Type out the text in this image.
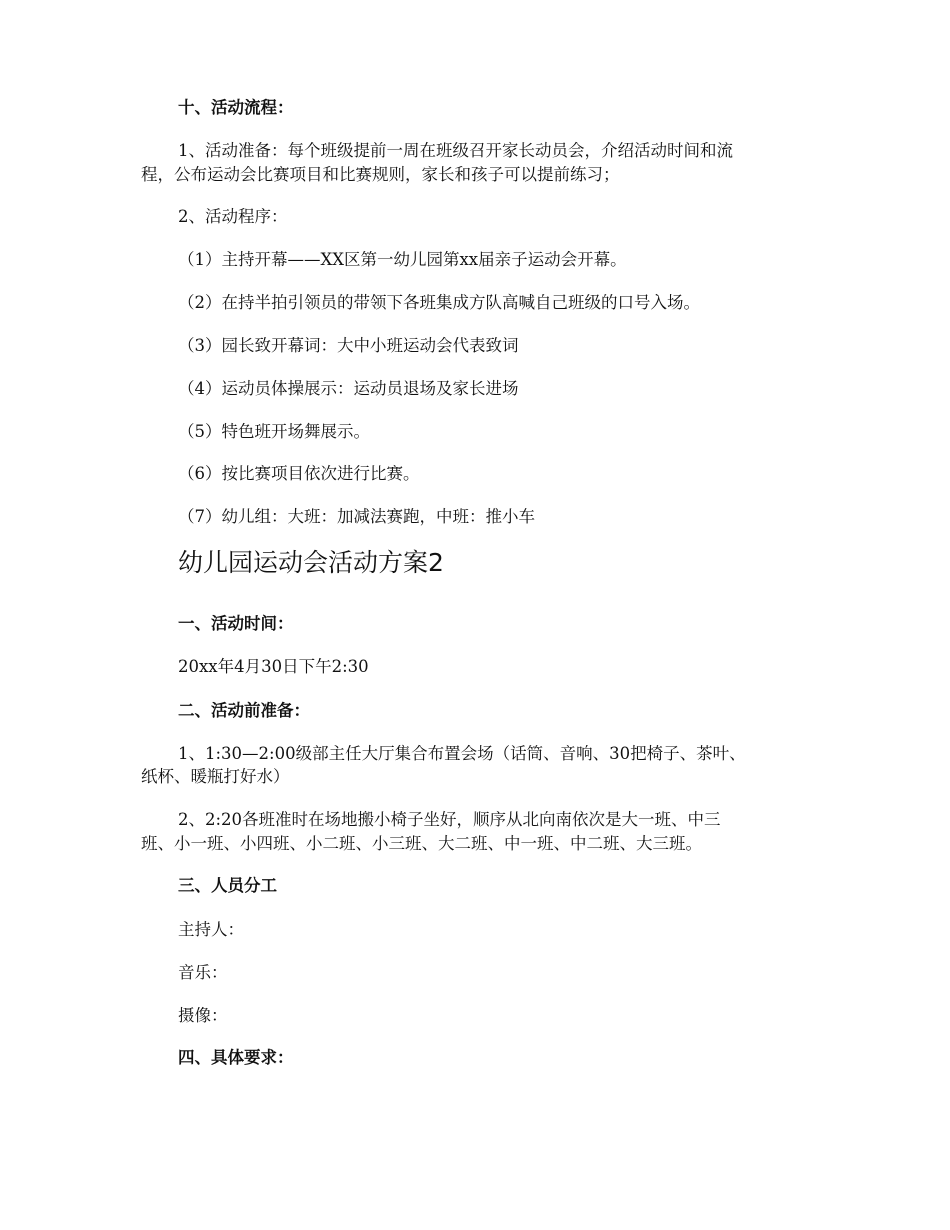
十、活动流程：

1、活动准备：每个班级提前一周在班级召开家长动员会，介绍活动时间和流

程，公布运动会比赛项目和比赛规则，家长和孩子可以提前练习；

2、活动程序：

（1）主持开幕——XX区第一幼儿园第xx届亲子运动会开幕。

（2）在持半拍引领员的带领下各班集成方队高喊自己班级的口号入场。

（3）园长致开幕词：大中小班运动会代表致词

（4）运动员体操展示：运动员退场及家长进场

（5）特色班开场舞展示。

（6）按比赛项目依次进行比赛。

（7）幼儿组：大班：加减法赛跑，中班：推小车

幼儿园运动会活动方案2

一、活动时间：

20xx年4月30日下午2:30

二、活动前准备：

1、1:30—2:00级部主任大厅集合布置会场（话筒、音响、30把椅子、茶叶、

纸杯、暖瓶打好水）

2、2:20各班准时在场地搬小椅子坐好，顺序从北向南依次是大一班、中三

班、小一班、小四班、小二班、小三班、大二班、中一班、中二班、大三班。

三、人员分工

主持人：

音乐：

摄像：

四、具体要求：
